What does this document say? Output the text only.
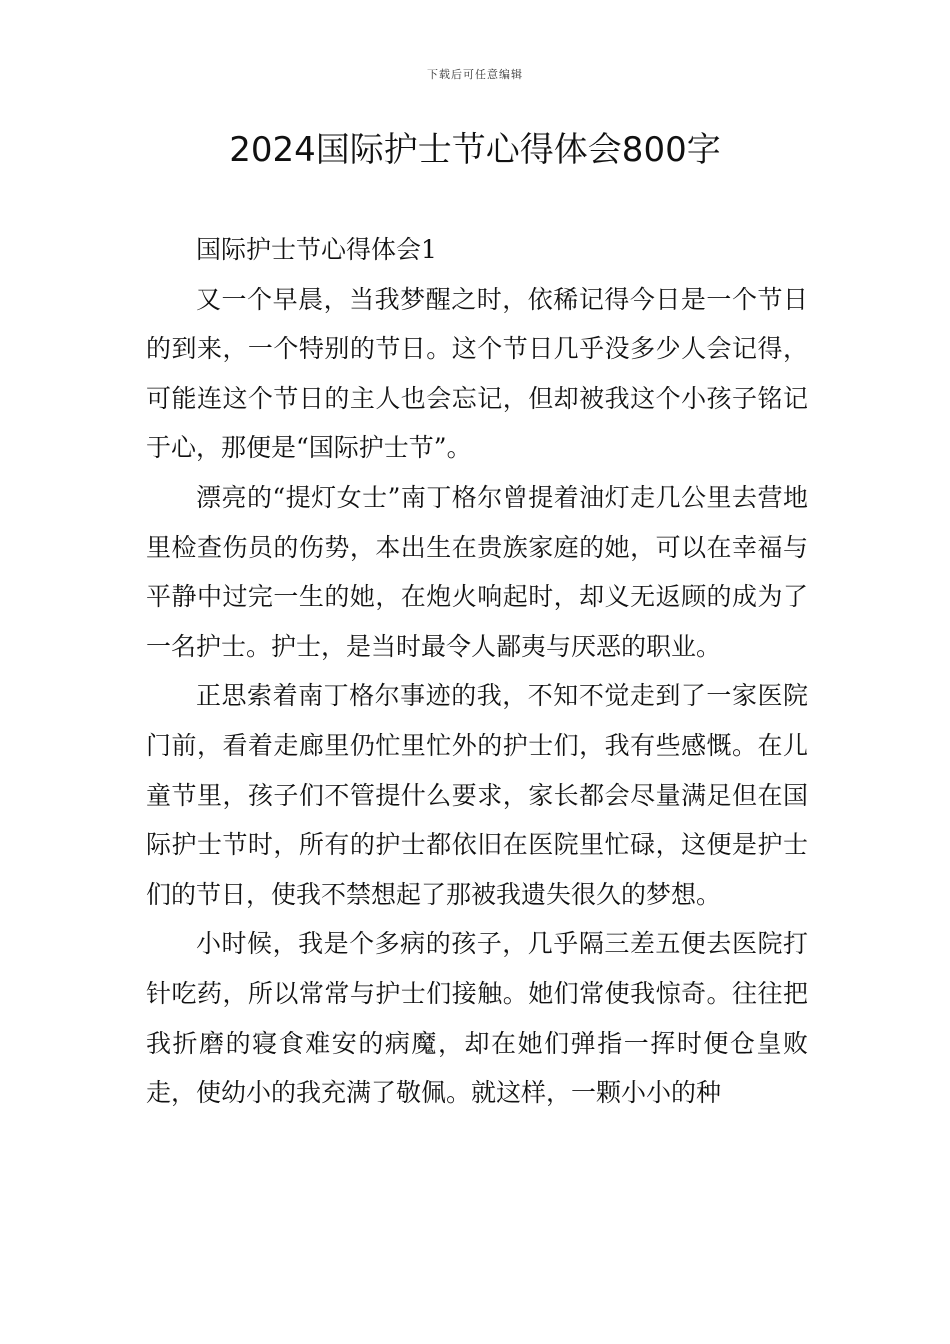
下载后可任意编辑
2024国际护士节心得体会800字

国际护士节心得体会1

又一个早晨，当我梦醒之时，依稀记得今日是一个节日的到来，一个特别的节日。这个节日几乎没多少人会记得，可能连这个节日的主人也会忘记，但却被我这个小孩子铭记于心，那便是“国际护士节”。

漂亮的“提灯女士”南丁格尔曾提着油灯走几公里去营地里检查伤员的伤势，本出生在贵族家庭的她，可以在幸福与平静中过完一生的她，在炮火响起时，却义无返顾的成为了一名护士。护士，是当时最令人鄙夷与厌恶的职业。

正思索着南丁格尔事迹的我，不知不觉走到了一家医院门前，看着走廊里仍忙里忙外的护士们，我有些感慨。在儿童节里，孩子们不管提什么要求，家长都会尽量满足但在国际护士节时，所有的护士都依旧在医院里忙碌，这便是护士们的节日，使我不禁想起了那被我遗失很久的梦想。

小时候，我是个多病的孩子，几乎隔三差五便去医院打针吃药，所以常常与护士们接触。她们常使我惊奇。往往把我折磨的寝食难安的病魔，却在她们弹指一挥时便仓皇败走，使幼小的我充满了敬佩。就这样，一颗小小的种
